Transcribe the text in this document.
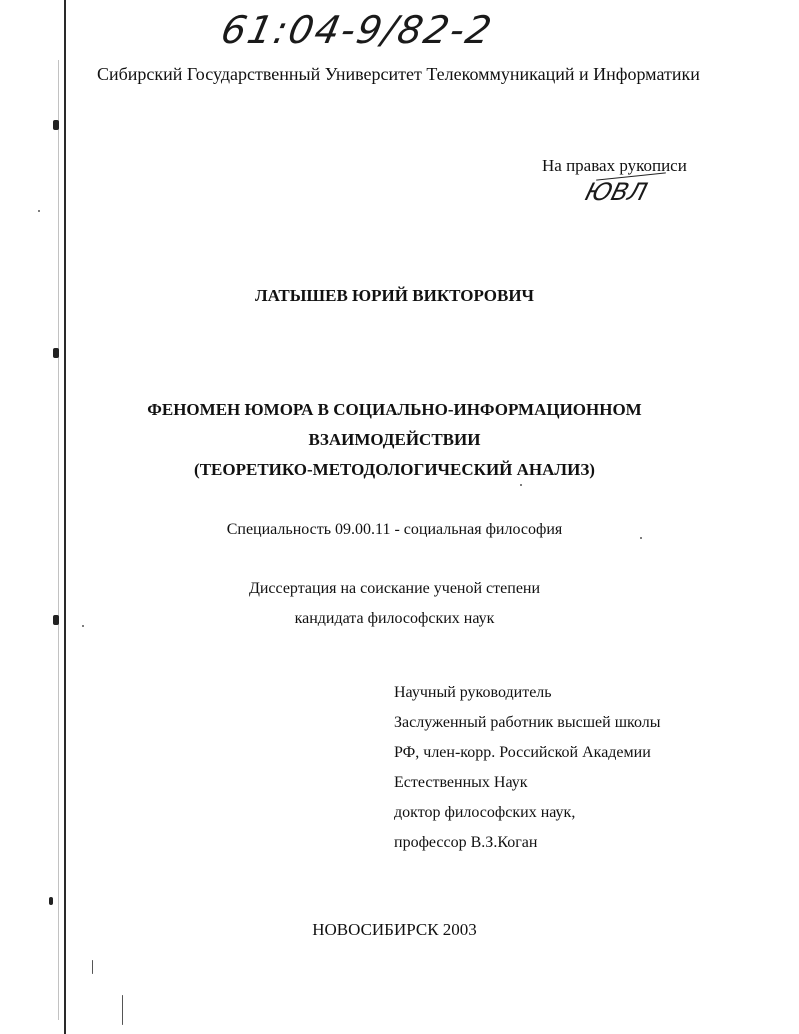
61:04-9/82-2
Сибирский Государственный Университет Телекоммуникаций и Информатики
На правах рукописи
ЮВЛ
ЛАТЫШЕВ ЮРИЙ ВИКТОРОВИЧ
ФЕНОМЕН ЮМОРА В СОЦИАЛЬНО-ИНФОРМАЦИОННОМ
ВЗАИМОДЕЙСТВИИ
(ТЕОРЕТИКО-МЕТОДОЛОГИЧЕСКИЙ АНАЛИЗ)
Специальность 09.00.11 - социальная философия
Диссертация на соискание ученой степени
кандидата философских наук
Научный руководитель
Заслуженный работник высшей школы
РФ, член-корр. Российской Академии
Естественных Наук
доктор философских наук,
профессор В.З.Коган
НОВОСИБИРСК 2003
